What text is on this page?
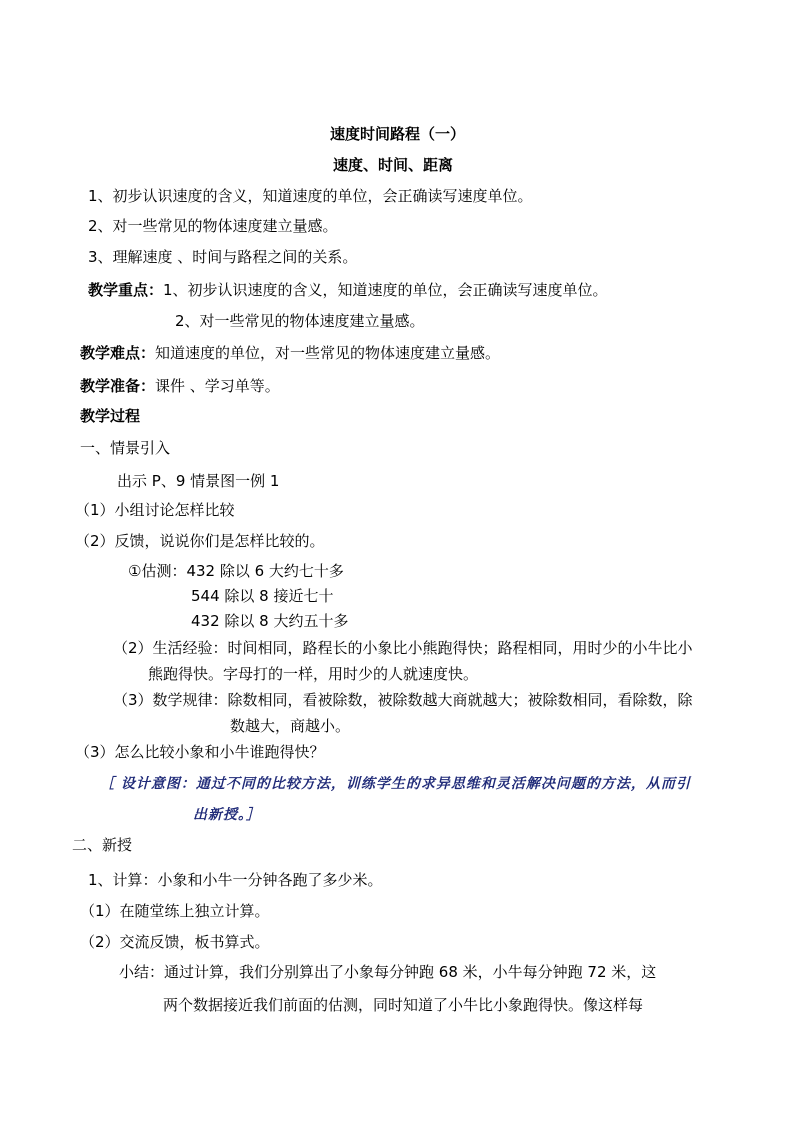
速度时间路程（一）
速度、时间、距离
1、初步认识速度的含义，知道速度的单位，会正确读写速度单位。
2、对一些常见的物体速度建立量感。
3、理解速度 、时间与路程之间的关系。
教学重点：1、初步认识速度的含义，知道速度的单位，会正确读写速度单位。
2、对一些常见的物体速度建立量感。
教学难点：知道速度的单位，对一些常见的物体速度建立量感。
教学准备：课件 、学习单等。
教学过程
一、情景引入
出示 P、9 情景图一例 1
（1）小组讨论怎样比较
（2）反馈，说说你们是怎样比较的。
①估测：432 除以 6 大约七十多
544 除以 8 接近七十
432 除以 8 大约五十多
（2）生活经验：时间相同，路程长的小象比小熊跑得快；路程相同，用时少的小牛比小
熊跑得快。字母打的一样，用时少的人就速度快。
（3）数学规律：除数相同，看被除数，被除数越大商就越大；被除数相同，看除数，除
数越大，商越小。
（3）怎么比较小象和小牛谁跑得快？
［ 设计意图：通过不同的比较方法，训练学生的求异思维和灵活解决问题的方法，从而引
出新授。］
二、新授
1、计算：小象和小牛一分钟各跑了多少米。
（1）在随堂练上独立计算。
（2）交流反馈，板书算式。
小结：通过计算，我们分别算出了小象每分钟跑 68 米，小牛每分钟跑 72 米，这
两个数据接近我们前面的估测，同时知道了小牛比小象跑得快。像这样每
